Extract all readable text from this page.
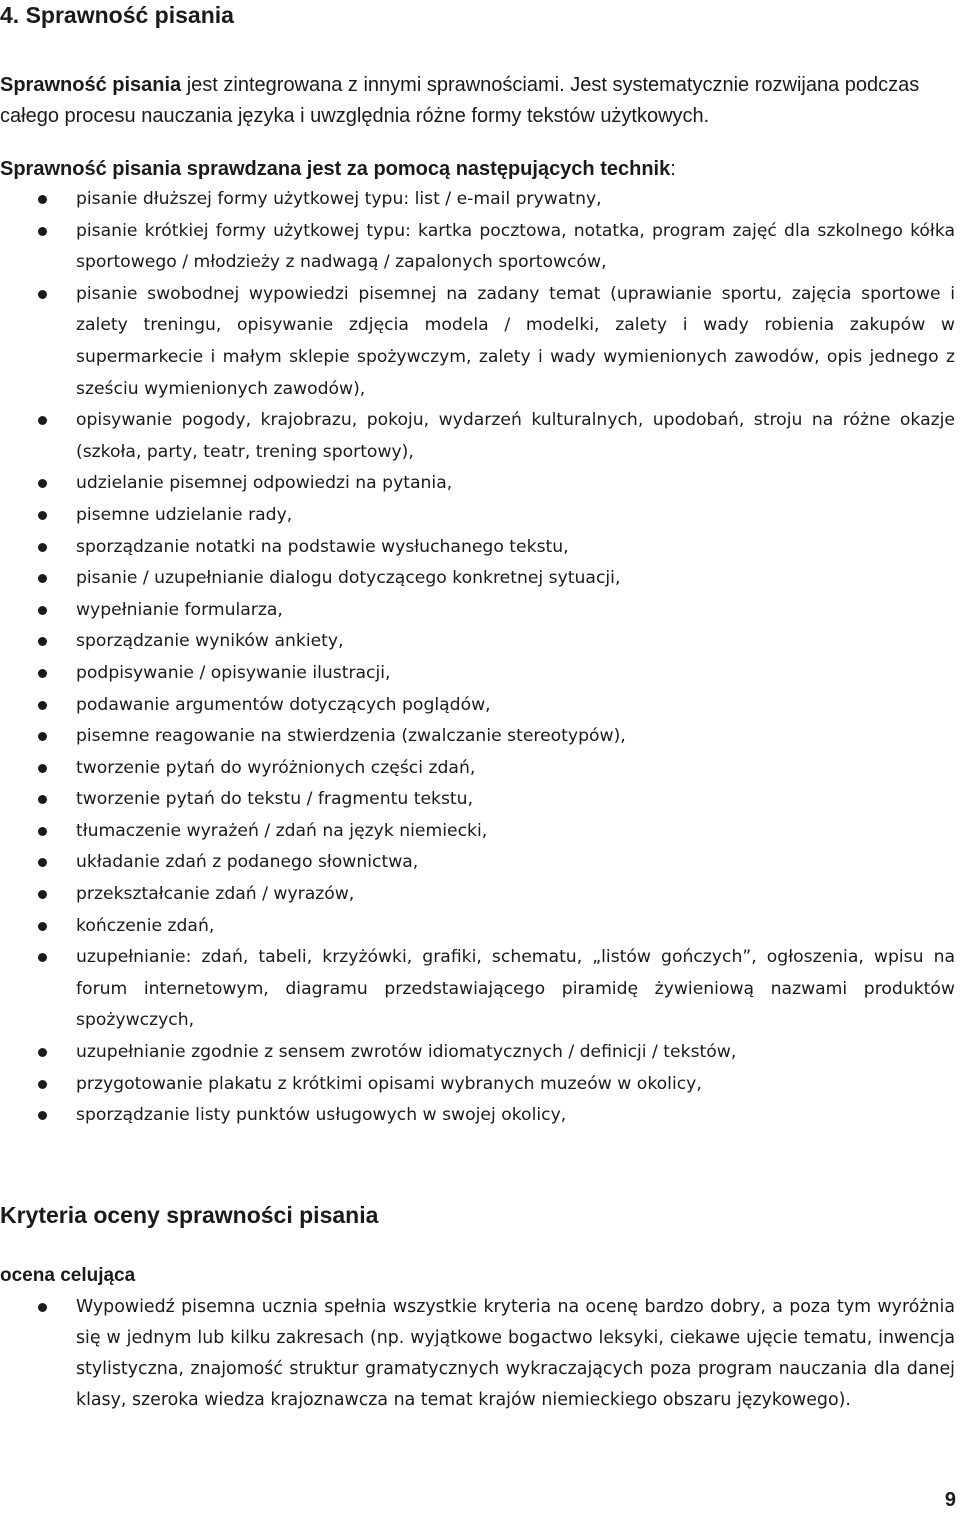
4. Sprawność pisania

Sprawność pisania jest zintegrowana z innymi sprawnościami. Jest systematycznie rozwijana podczas całego procesu nauczania języka i uwzględnia różne formy tekstów użytkowych.

Sprawność pisania sprawdzana jest za pomocą następujących technik:

pisanie dłuższej formy użytkowej typu: list / e-mail prywatny,
pisanie krótkiej formy użytkowej typu: kartka pocztowa, notatka, program zajęć dla szkolnego kółka sportowego / młodzieży z nadwagą / zapalonych sportowców,
pisanie swobodnej wypowiedzi pisemnej na zadany temat (uprawianie sportu, zajęcia sportowe i zalety treningu, opisywanie zdjęcia modela / modelki, zalety i wady robienia zakupów w supermarkecie i małym sklepie spożywczym, zalety i wady wymienionych zawodów, opis jednego z sześciu wymienionych zawodów),
opisywanie pogody, krajobrazu, pokoju, wydarzeń kulturalnych, upodobań, stroju na różne okazje (szkoła, party, teatr, trening sportowy),
udzielanie pisemnej odpowiedzi na pytania,
pisemne udzielanie rady,
sporządzanie notatki na podstawie wysłuchanego tekstu,
pisanie / uzupełnianie dialogu dotyczącego konkretnej sytuacji,
wypełnianie formularza,
sporządzanie wyników ankiety,
podpisywanie / opisywanie ilustracji,
podawanie argumentów dotyczących poglądów,
pisemne reagowanie na stwierdzenia (zwalczanie stereotypów),
tworzenie pytań do wyróżnionych części zdań,
tworzenie pytań do tekstu / fragmentu tekstu,
tłumaczenie wyrażeń / zdań na język niemiecki,
układanie zdań z podanego słownictwa,
przekształcanie zdań / wyrazów,
kończenie zdań,
uzupełnianie: zdań, tabeli, krzyżówki, grafiki, schematu, „listów gończych”, ogłoszenia, wpisu na forum internetowym, diagramu przedstawiającego piramidę żywieniową nazwami produktów spożywczych,
uzupełnianie zgodnie z sensem zwrotów idiomatycznych / definicji / tekstów,
przygotowanie plakatu z krótkimi opisami wybranych muzeów w okolicy,
sporządzanie listy punktów usługowych w swojej okolicy,
Kryteria oceny sprawności pisania
ocena celująca
Wypowiedź pisemna ucznia spełnia wszystkie kryteria na ocenę bardzo dobry, a poza tym wyróżnia się w jednym lub kilku zakresach (np. wyjątkowe bogactwo leksyki, ciekawe ujęcie tematu, inwencja stylistyczna, znajomość struktur gramatycznych wykraczających poza program nauczania dla danej klasy, szeroka wiedza krajoznawcza na temat krajów niemieckiego obszaru językowego).
9
